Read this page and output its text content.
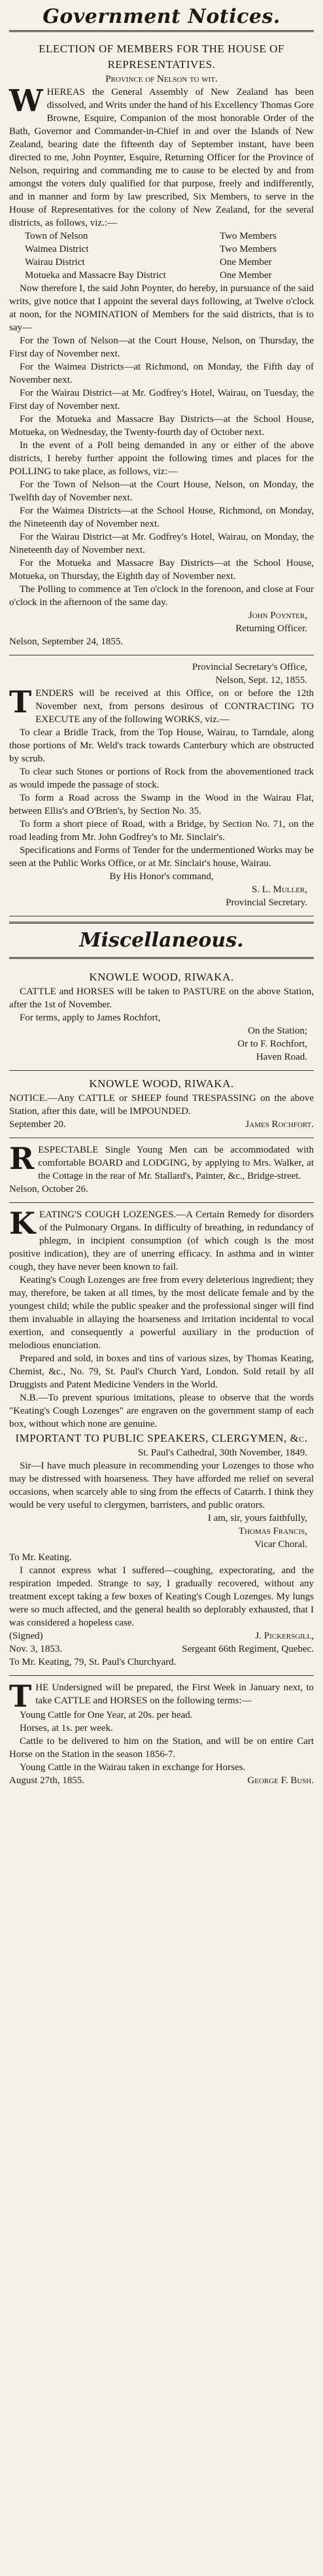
Government Notices.
ELECTION OF MEMBERS FOR THE HOUSE OF REPRESENTATIVES.

Province of Nelson to wit.

W HEREAS the General Assembly of New Zealand has been dissolved, and Writs under the hand of his Excellency Thomas Gore Browne, Esquire, Companion of the most honorable Order of the Bath, Governor and Commander-in-Chief in and over the Islands of New Zealand, bearing date the fifteenth day of September instant, have been directed to me, John Poynter, Esquire, Returning Officer for the Province of Nelson, requiring and commanding me to cause to be elected by and from amongst the voters duly qualified for that purpose, freely and indifferently, and in manner and form by law prescribed, Six Members, to serve in the House of Representatives for the colony of New Zealand, for the several districts, as follows, viz.:—

Town of Nelson	Two Members
Waimea District	Two Members
Wairau District	One Member
Motueka and Massacre Bay District	One Member

Now therefore I, the said John Poynter, do hereby, in pursuance of the said writs, give notice that I appoint the several days following, at Twelve o'clock at noon, for the NOMINATION of Members for the said districts, that is to say—

For the Town of Nelson—at the Court House, Nelson, on Thursday, the First day of November next.

For the Waimea Districts—at Richmond, on Monday, the Fifth day of November next.

For the Wairau District—at Mr. Godfrey's Hotel, Wairau, on Tuesday, the First day of November next.

For the Motueka and Massacre Bay Districts—at the School House, Motueka, on Wednesday, the Twenty-fourth day of October next.

In the event of a Poll being demanded in any or either of the above districts, I hereby further appoint the following times and places for the POLLING to take place, as follows, viz:—

For the Town of Nelson—at the Court House, Nelson, on Monday, the Twelfth day of November next.

For the Waimea Districts—at the School House, Richmond, on Monday, the Nineteenth day of November next.

For the Wairau District—at Mr. Godfrey's Hotel, Wairau, on Monday, the Nineteenth day of November next.

For the Motueka and Massacre Bay Districts—at the School House, Motueka, on Thursday, the Eighth day of November next.

The Polling to commence at Ten o'clock in the forenoon, and close at Four o'clock in the afternoon of the same day.

John Poynter,
Returning Officer.

Nelson, September 24, 1855.

Provincial Secretary's Office,
Nelson, Sept. 12, 1855.

T ENDERS will be received at this Office, on or before the 12th November next, from persons desirous of CONTRACTING TO EXECUTE any of the following WORKS, viz.—

To clear a Bridle Track, from the Top House, Wairau, to Tarndale, along those portions of Mr. Weld's track towards Canterbury which are obstructed by scrub.

To clear such Stones or portions of Rock from the abovementioned track as would impede the passage of stock.

To form a Road across the Swamp in the Wood in the Wairau Flat, between Ellis's and O'Brien's, by Section No. 35.

To form a short piece of Road, with a Bridge, by Section No. 71, on the road leading from Mr. John Godfrey's to Mr. Sinclair's.

Specifications and Forms of Tender for the undermentioned Works may be seen at the Public Works Office, or at Mr. Sinclair's house, Wairau.

By His Honor's command,
S. L. Muller,
Provincial Secretary.
Miscellaneous.
KNOWLE WOOD, RIWAKA.

CATTLE and HORSES will be taken to PASTURE on the above Station, after the 1st of November.

For terms, apply to James Rochfort,

On the Station;
Or to F. Rochfort,
Haven Road.
KNOWLE WOOD, RIWAKA.

NOTICE.—Any CATTLE or SHEEP found TRESPASSING on the above Station, after this date, will be IMPOUNDED.

September 20.	James Rochfort.

R ESPECTABLE Single Young Men can be accommodated with comfortable BOARD and LODGING, by applying to Mrs. Walker, at the Cottage in the rear of Mr. Stallard's, Painter, &c., Bridge-street.

Nelson, October 26.

K EATING'S COUGH LOZENGES.—A Certain Remedy for disorders of the Pulmonary Organs. In difficulty of breathing, in redundancy of phlegm, in incipient consumption (of which cough is the most positive indication), they are of unerring efficacy. In asthma and in winter cough, they have never been known to fail.

Keating's Cough Lozenges are free from every deleterious ingredient; they may, therefore, be taken at all times, by the most delicate female and by the youngest child; while the public speaker and the professional singer will find them invaluable in allaying the hoarseness and irritation incidental to vocal exertion, and consequently a powerful auxiliary in the production of melodious enunciation.

Prepared and sold, in boxes and tins of various sizes, by Thomas Keating, Chemist, &c., No. 79, St. Paul's Church Yard, London. Sold retail by all Druggists and Patent Medicine Venders in the World.

N.B.—To prevent spurious imitations, please to observe that the words "Keating's Cough Lozenges" are engraven on the government stamp of each box, without which none are genuine.

IMPORTANT TO PUBLIC SPEAKERS, CLERGYMEN, &c.
St. Paul's Cathedral, 30th November, 1849.

Sir—I have much pleasure in recommending your Lozenges to those who may be distressed with hoarseness. They have afforded me relief on several occasions, when scarcely able to sing from the effects of Catarrh. I think they would be very useful to clergymen, barristers, and public orators.

I am, sir, yours faithfully,
Thomas Francis,
Vicar Choral.

To Mr. Keating.

I cannot express what I suffered—coughing, expectorating, and the respiration impeded. Strange to say, I gradually recovered, without any treatment except taking a few boxes of Keating's Cough Lozenges. My lungs were so much affected, and the general health so deplorably exhausted, that I was considered a hopeless case.

(Signed)	J. Pickersgill,
Nov. 3, 1853.	Sergeant 66th Regiment, Quebec.

To Mr. Keating, 79, St. Paul's Churchyard.

T HE Undersigned will be prepared, the First Week in January next, to take CATTLE and HORSES on the following terms:—

Young Cattle for One Year, at 20s. per head.

Horses, at 1s. per week.

Cattle to be delivered to him on the Station, and will be on entire Cart Horse on the Station in the season 1856-7.

Young Cattle in the Wairau taken in exchange for Horses.

August 27th, 1855.	George F. Bush.
